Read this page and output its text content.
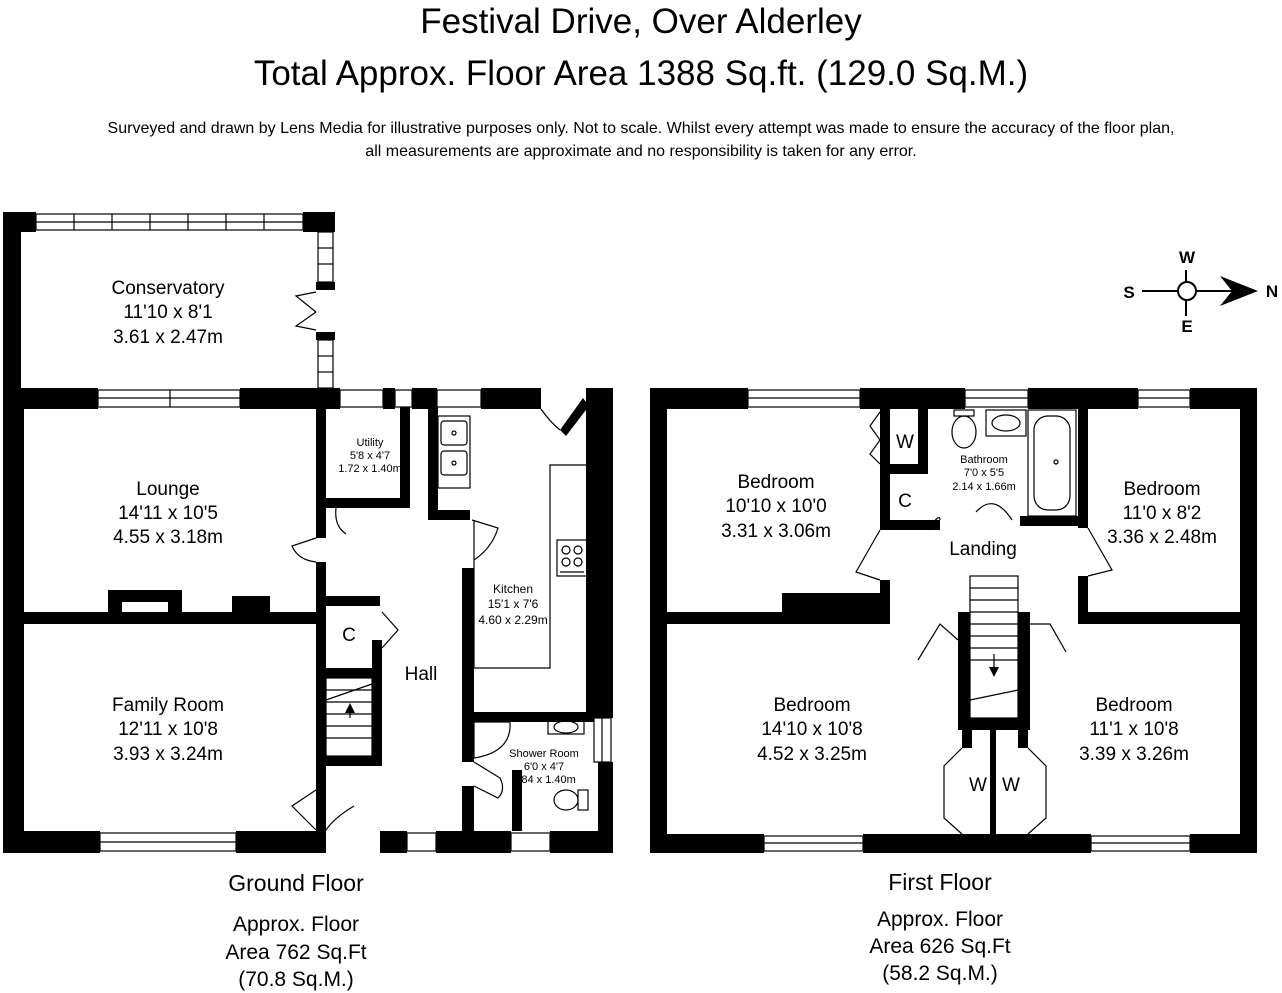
Festival Drive, Over Alderley
Total Approx. Floor Area 1388 Sq.ft. (129.0 Sq.M.)
Surveyed and drawn by Lens Media for illustrative purposes only. Not to scale. Whilst every attempt was made to ensure the accuracy of the floor plan,
all measurements are approximate and no responsibility is taken for any error.
Conservatory
11'10 x 8'1
3.61 x 2.47m
Lounge
14'11 x 10'5
4.55 x 3.18m
Family Room
12'11 x 10'8
3.93 x 3.24m
Utility
5'8 x 4'7
1.72 x 1.40m
Kitchen
15'1 x 7'6
4.60 x 2.29m
Shower Room
6'0 x 4'7
1.84 x 1.40m
Hall
C
Bedroom
10'10 x 10'0
3.31 x 3.06m
Bathroom
7'0 x 5'5
2.14 x 1.66m	Bedroom
11'0 x 8'2
3.36 x 2.48m
Bedroom
14'10 x 10'8
4.52 x 3.25m
Bedroom
11'1 x 10'8
3.39 x 3.26m
Landing
W
C
W W
W
E
S	N
Ground Floor
Approx. Floor
Area 762 Sq.Ft
(70.8 Sq.M.)
First Floor
Approx. Floor
Area 626 Sq.Ft
(58.2 Sq.M.)
